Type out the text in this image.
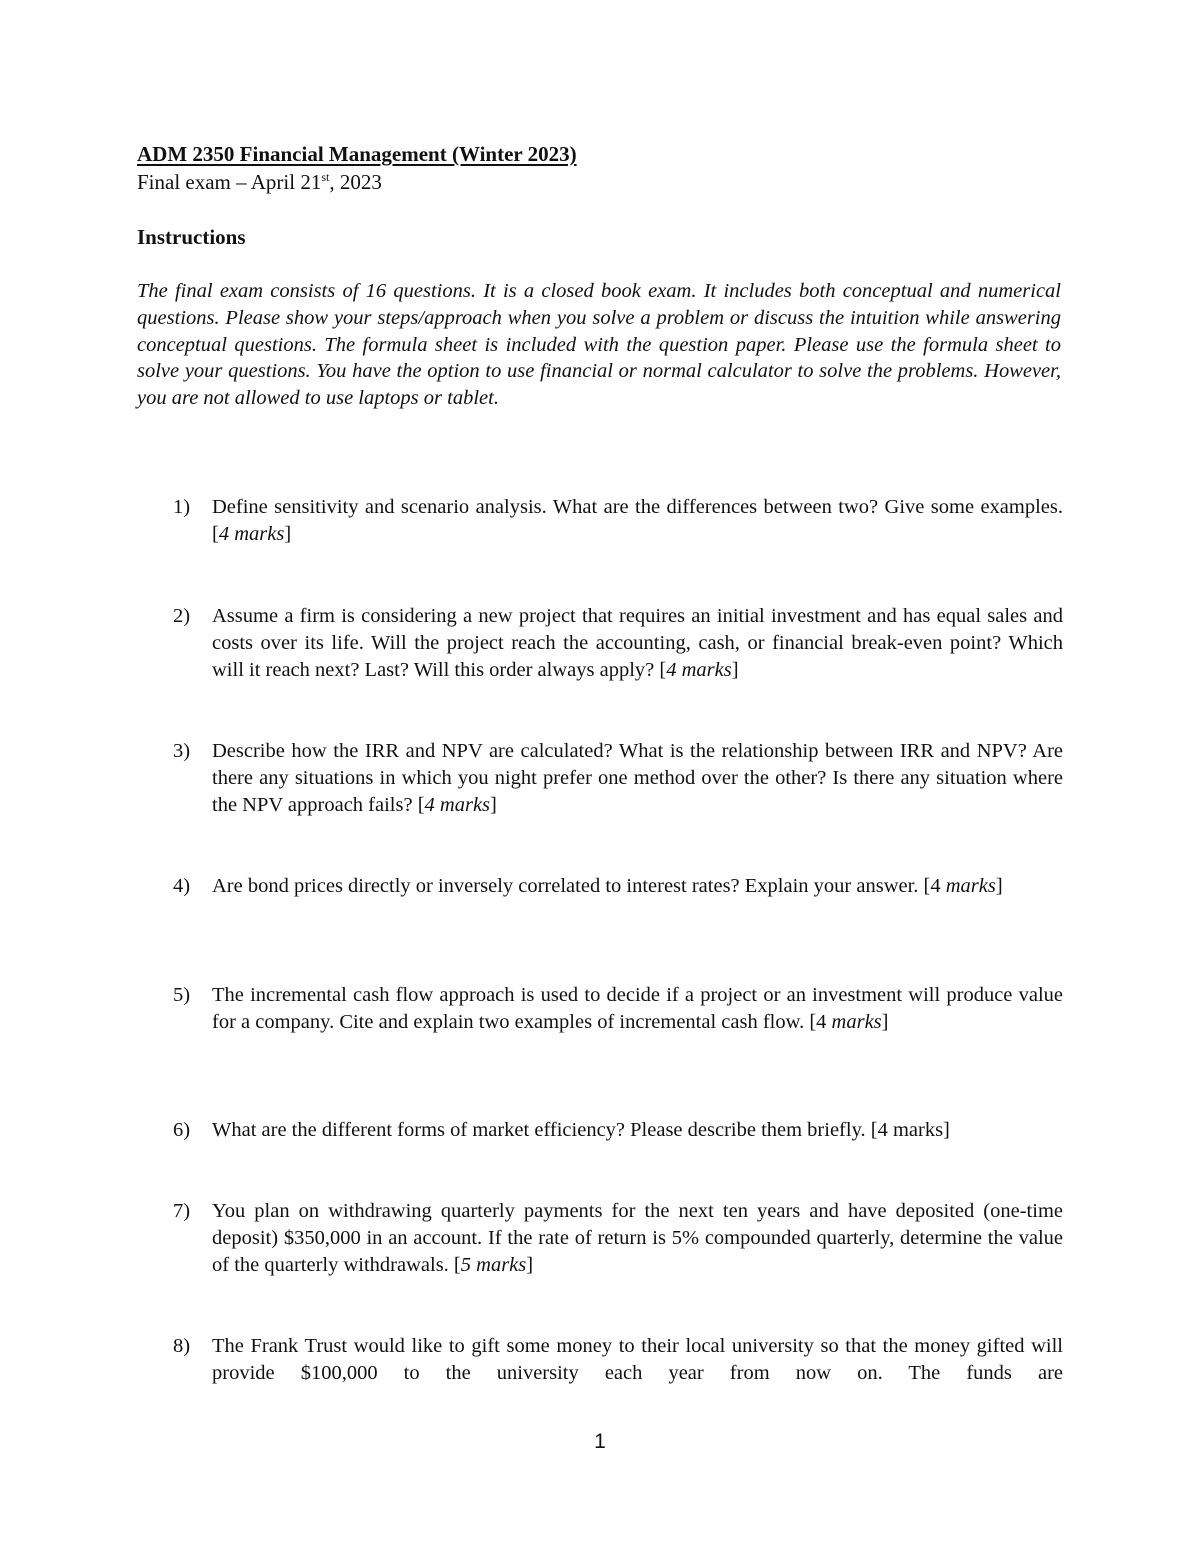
ADM 2350 Financial Management (Winter 2023)
Final exam – April 21st, 2023
Instructions

The final exam consists of 16 questions. It is a closed book exam. It includes both conceptual and numerical questions. Please show your steps/approach when you solve a problem or discuss the intuition while answering conceptual questions. The formula sheet is included with the question paper. Please use the formula sheet to solve your questions. You have the option to use financial or normal calculator to solve the problems. However, you are not allowed to use laptops or tablet.

1) Define sensitivity and scenario analysis. What are the differences between two? Give some examples. [4 marks]
2) Assume a firm is considering a new project that requires an initial investment and has equal sales and costs over its life. Will the project reach the accounting, cash, or financial break-even point? Which will it reach next? Last? Will this order always apply? [4 marks]
3) Describe how the IRR and NPV are calculated? What is the relationship between IRR and NPV? Are there any situations in which you night prefer one method over the other? Is there any situation where the NPV approach fails? [4 marks]
4) Are bond prices directly or inversely correlated to interest rates? Explain your answer. [4 marks]
5) The incremental cash flow approach is used to decide if a project or an investment will produce value for a company. Cite and explain two examples of incremental cash flow. [4 marks]
6) What are the different forms of market efficiency? Please describe them briefly. [4 marks]
7) You plan on withdrawing quarterly payments for the next ten years and have deposited (one-time deposit) $350,000 in an account. If the rate of return is 5% compounded quarterly, determine the value of the quarterly withdrawals. [5 marks]
8) The Frank Trust would like to gift some money to their local university so that the money gifted will provide $100,000 to the university each year from now on. The funds are
1
